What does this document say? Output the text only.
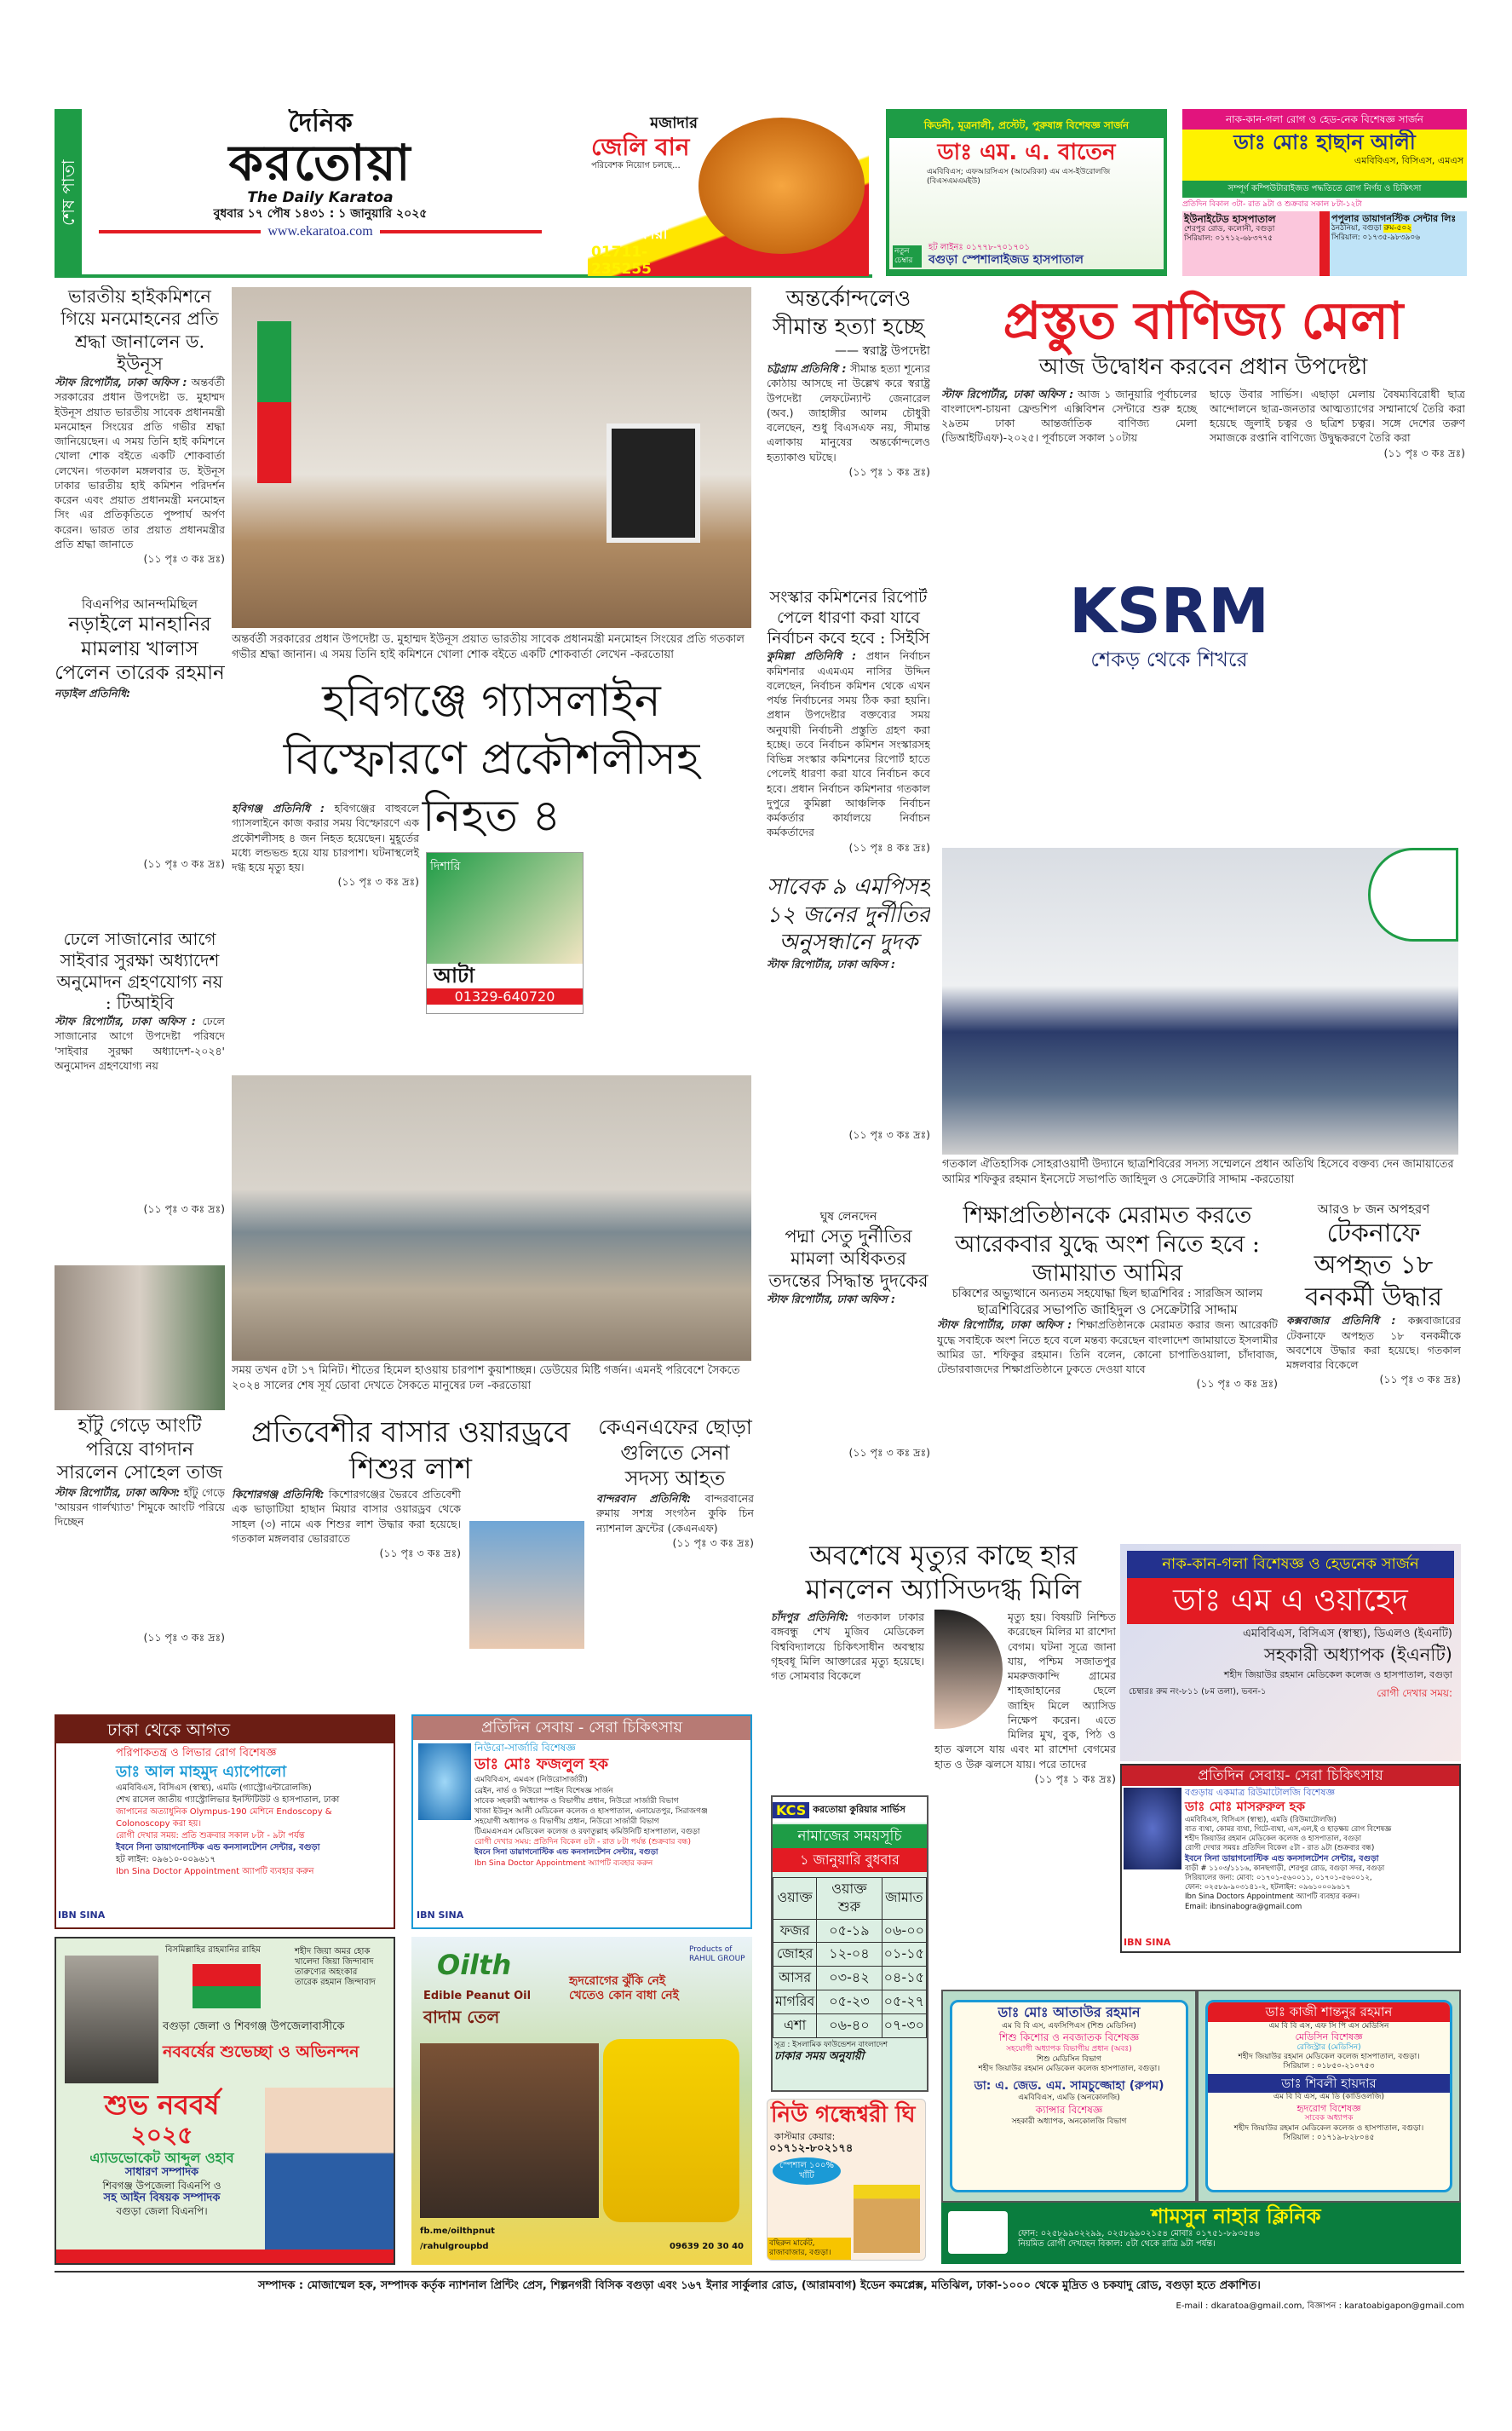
শেষ পাতা
দৈনিক
করতোয়া
The Daily Karatoa
বুধবার ১৭ পৌষ ১৪৩১ : ১ জানুয়ারি ২০২৫
www.ekaratoa.com
মজাদার
জেলি বান
পরিবেশক নিয়োগ চলছে...
ঢাকা বেকারী
01711-235255
কিডনী, মূত্রনালী, প্রস্টেট, পুরুষাঙ্গ বিশেষজ্ঞ সার্জন
ডাঃ এম. এ. বাতেন
এমবিবিএস; এফআরসিএস (আমেরিকা) এম এস-ইউরোলজি (বিএসএমএমইউ)
নতুন চেম্বার
হট লাইনঃ ০১৭৭৮-৭০১৭০১
বগুড়া স্পেশালাইজড হাসপাতাল
নাক-কান-গলা রোগ ও হেড-নেক বিশেষজ্ঞ সার্জন
ডাঃ মোঃ হাছান আলী
এমবিবিএস, বিসিএস, এমএস
সম্পূর্ণ কম্পিউটারাইজড পদ্ধতিতে রোগ নির্ণয় ও চিকিৎসা
প্রতিদিন বিকাল ৩টা- রাত ৯টা ও শুক্রবার সকাল ৮টা-১২টা
ইউনাইটেড হাসপাতাল
শেরপুর রোড, কলোনী, বগুড়া
সিরিয়াল: ০১৭১২-৬৮৩৭৭৫
পপুলার ডায়াগনস্টিক সেন্টার লিঃ
ঠনঠনিয়া, বগুড়া রুম-৫০২
সিরিয়াল: ০১৭৩৫-৯৮৩৯০৬
ভারতীয় হাইকমিশনে গিয়ে মনমোহনের প্রতি শ্রদ্ধা জানালেন ড. ইউনূস
স্টাফ রিপোর্টার, ঢাকা অফিস : অন্তর্বর্তী সরকারের প্রধান উপদেষ্টা ড. মুহাম্মদ ইউনূস প্রয়াত ভারতীয় সাবেক প্রধানমন্ত্রী মনমোহন সিংয়ের প্রতি গভীর শ্রদ্ধা জানিয়েছেন। এ সময় তিনি হাই কমিশনে খোলা শোক বইতে একটি শোকবার্তা লেখেন। গতকাল মঙ্গলবার ড. ইউনূস ঢাকার ভারতীয় হাই কমিশন পরিদর্শন করেন এবং প্রয়াত প্রধানমন্ত্রী মনমোহন সিং এর প্রতিকৃতিতে পুষ্পার্ঘ অর্পণ করেন। ভারত তার প্রয়াত প্রধানমন্ত্রীর প্রতি শ্রদ্ধা জানাতে
(১১ পৃঃ ৩ কঃ দ্রঃ)
বিএনপির আনন্দমিছিল
নড়াইলে মানহানির মামলায় খালাস পেলেন তারেক রহমান
নড়াইল প্রতিনিধি:
(১১ পৃঃ ৩ কঃ দ্রঃ)
ঢেলে সাজানোর আগে সাইবার সুরক্ষা অধ্যাদেশ অনুমোদন গ্রহণযোগ্য নয় : টিআইবি
স্টাফ রিপোর্টার, ঢাকা অফিস : ঢেলে সাজানোর আগে উপদেষ্টা পরিষদে 'সাইবার সুরক্ষা অধ্যাদেশ-২০২৪' অনুমোদন গ্রহণযোগ্য নয়
(১১ পৃঃ ৩ কঃ দ্রঃ)
হাঁটু গেড়ে আংটি পরিয়ে বাগদান সারলেন সোহেল তাজ
স্টাফ রিপোর্টার, ঢাকা অফিস: হাঁটু গেড়ে 'আয়রন গার্লখ্যাত' শিমুকে আংটি পরিয়ে দিচ্ছেন
(১১ পৃঃ ৩ কঃ দ্রঃ)
অন্তর্বর্তী সরকারের প্রধান উপদেষ্টা ড. মুহাম্মদ ইউনূস প্রয়াত ভারতীয় সাবেক প্রধানমন্ত্রী মনমোহন সিংয়ের প্রতি গতকাল গভীর শ্রদ্ধা জানান। এ সময় তিনি হাই কমিশনে খোলা শোক বইতে একটি শোকবার্তা লেখেন -করতোয়া
হবিগঞ্জে গ্যাসলাইন বিস্ফোরণে প্রকৌশলীসহ নিহত ৪
হবিগঞ্জ প্রতিনিধি : হবিগঞ্জের বাহুবলে গ্যাসলাইনে কাজ করার সময় বিস্ফোরণে এক প্রকৌশলীসহ ৪ জন নিহত হয়েছেন। মুহূর্তের মধ্যে লন্ডভন্ড হয়ে যায় চারপাশ। ঘটনাস্থলেই দগ্ধ হয়ে মৃত্যু হয়।
(১১ পৃঃ ৩ কঃ দ্রঃ)
দিশারি
আটা
01329-640720
সময় তখন ৫টা ১৭ মিনিট। শীতের হিমেল হাওয়ায় চারপাশ কুয়াশাচ্ছন্ন। ডেউয়ের মিষ্টি গর্জন। এমনই পরিবেশে সৈকতে ২০২৪ সালের শেষ সূর্য ডোবা দেখতে সৈকতে মানুষের ঢল -করতোয়া
প্রতিবেশীর বাসার ওয়ারড্রবে শিশুর লাশ
কিশোরগঞ্জ প্রতিনিধি: কিশোরগঞ্জের ভৈরবে প্রতিবেশী এক ভাড়াটিয়া হাছান মিয়ার বাসার ওয়ারড্রব থেকে সাহল (৩) নামে এক শিশুর লাশ উদ্ধার করা হয়েছে। গতকাল মঙ্গলবার ভোররাতে
(১১ পৃঃ ৩ কঃ দ্রঃ)
কেএনএফের ছোড়া গুলিতে সেনা সদস্য আহত
বান্দরবান প্রতিনিধি: বান্দরবানের রুমায় সশস্ত্র সংগঠন কুকি চিন ন্যাশনাল ফ্রন্টের (কেএনএফ)
(১১ পৃঃ ৩ কঃ দ্রঃ)
অন্তর্কোন্দলেও সীমান্ত হত্যা হচ্ছে
—— স্বরাষ্ট্র উপদেষ্টা
চট্টগ্রাম প্রতিনিধি : সীমান্ত হত্যা শূন্যের কোঠায় আসছে না উল্লেখ করে স্বরাষ্ট্র উপদেষ্টা লেফটেন্যান্ট জেনারেল (অব.) জাহাঙ্গীর আলম চৌধুরী বলেছেন, শুধু বিএসএফ নয়, সীমান্ত এলাকায় মানুষের অন্তর্কোন্দলেও হত্যাকাণ্ড ঘটছে।
(১১ পৃঃ ১ কঃ দ্রঃ)
সংস্কার কমিশনের রিপোর্ট পেলে ধারণা করা যাবে নির্বাচন কবে হবে : সিইসি
কুমিল্লা প্রতিনিধি : প্রধান নির্বাচন কমিশনার এএমএম নাসির উদ্দিন বলেছেন, নির্বাচন কমিশন থেকে এখন পর্যন্ত নির্বাচনের সময় ঠিক করা হয়নি। প্রধান উপদেষ্টার বক্তব্যের সময় অনুযায়ী নির্বাচনী প্রস্তুতি গ্রহণ করা হচ্ছে। তবে নির্বাচন কমিশন সংস্কারসহ বিভিন্ন সংস্কার কমিশনের রিপোর্ট হাতে পেলেই ধারণা করা যাবে নির্বাচন কবে হবে। প্রধান নির্বাচন কমিশনার গতকাল দুপুরে কুমিল্লা আঞ্চলিক নির্বাচন কর্মকর্তার কার্যালয়ে নির্বাচন কর্মকর্তাদের
(১১ পৃঃ ৪ কঃ দ্রঃ)
সাবেক ৯ এমপিসহ ১২ জনের দুর্নীতির অনুসন্ধানে দুদক
স্টাফ রিপোর্টার, ঢাকা অফিস :
(১১ পৃঃ ৩ কঃ দ্রঃ)
ঘুষ লেনদেন
পদ্মা সেতু দুর্নীতির মামলা অধিকতর তদন্তের সিদ্ধান্ত দুদকের
স্টাফ রিপোর্টার, ঢাকা অফিস :
(১১ পৃঃ ৩ কঃ দ্রঃ)
প্রস্তুত বাণিজ্য মেলা
আজ উদ্বোধন করবেন প্রধান উপদেষ্টা
স্টাফ রিপোর্টার, ঢাকা অফিস : আজ ১ জানুয়ারি পূর্বাচলের বাংলাদেশ-চায়না ফ্রেন্ডশিপ এক্সিবিশন সেন্টারে শুরু হচ্ছে ২৯তম ঢাকা আন্তর্জাতিক বাণিজ্য মেলা (ডিআইটিএফ)-২০২৫। পূর্বাচলে সকাল ১০টায়
ছাড়ে উবার সার্ভিস। এছাড়া মেলায় বৈষম্যবিরোধী ছাত্র আন্দোলনে ছাত্র-জনতার আত্মত্যাগের সম্মানার্থে তৈরি করা হয়েছে জুলাই চত্বর ও ছত্রিশ চত্বর। সঙ্গে দেশের তরুণ সমাজকে রপ্তানি বাণিজ্যে উদ্বুদ্ধকরণে তৈরি করা
(১১ পৃঃ ৩ কঃ দ্রঃ)
KSRM
শেকড় থেকে শিখরে
গতকাল ঐতিহাসিক সোহরাওয়ার্দী উদ্যানে ছাত্রশিবিরের সদস্য সম্মেলনে প্রধান অতিথি হিসেবে বক্তব্য দেন জামায়াতের আমির শফিকুর রহমান ইনসেটে সভাপতি জাহিদুল ও সেক্রেটারি সাদ্দাম -করতোয়া
শিক্ষাপ্রতিষ্ঠানকে মেরামত করতে আরেকবার যুদ্ধে অংশ নিতে হবে : জামায়াত আমির
চব্বিশের অভ্যুত্থানে অন্যতম সহযোদ্ধা ছিল ছাত্রশিবির : সারজিস আলম
ছাত্রশিবিরের সভাপতি জাহিদুল ও সেক্রেটারি সাদ্দাম
স্টাফ রিপোর্টার, ঢাকা অফিস : শিক্ষাপ্রতিষ্ঠানকে মেরামত করার জন্য আরেকটি যুদ্ধে সবাইকে অংশ নিতে হবে বলে মন্তব্য করেছেন বাংলাদেশ জামায়াতে ইসলামীর আমির ডা. শফিকুর রহমান। তিনি বলেন, কোনো চাপাতিওয়ালা, চাঁদাবাজ, টেন্ডারবাজদের শিক্ষাপ্রতিষ্ঠানে ঢুকতে দেওয়া যাবে
(১১ পৃঃ ৩ কঃ দ্রঃ)
আরও ৮ জন অপহরণ
টেকনাফে অপহৃত ১৮ বনকর্মী উদ্ধার
কক্সবাজার প্রতিনিধি : কক্সবাজারের টেকনাফে অপহৃত ১৮ বনকর্মীকে অবশেষে উদ্ধার করা হয়েছে। গতকাল মঙ্গলবার বিকেলে
(১১ পৃঃ ৩ কঃ দ্রঃ)
অবশেষে মৃত্যুর কাছে হার মানলেন অ্যাসিডদগ্ধ মিলি
চাঁদপুর প্রতিনিধি: গতকাল ঢাকার বঙ্গবন্ধু শেখ মুজিব মেডিকেল বিশ্ববিদ্যালয়ে চিকিৎসাধীন অবস্থায় গৃহবধূ মিলি আক্তারের মৃত্যু হয়েছে। গত সোমবার বিকেলে
মৃত্যু হয়। বিষয়টি নিশ্চিত করেছেন মিলির মা রাশেদা বেগম। ঘটনা সূত্রে জানা যায়, পশ্চিম সজাতপুর মমরুজকান্দি গ্রামের শাহজাহানের ছেলে জাহিদ মিলে অ্যাসিড নিক্ষেপ করেন। এতে মিলির মুখ, বুক, পিঠ ও হাত ঝলসে যায় এবং মা রাশেদা বেগমের হাত ও উরু ঝলসে যায়। পরে তাদের
(১১ পৃঃ ১ কঃ দ্রঃ)
নাক-কান-গলা বিশেষজ্ঞ ও হেডনেক সার্জন
ডাঃ এম এ ওয়াহেদ
এমবিবিএস, বিসিএস (স্বাস্থ্য), ডিএলও (ইএনটি)
সহকারী অধ্যাপক (ইএনটি)
শহীদ জিয়াউর রহমান মেডিকেল কলেজ ও হাসপাতাল, বগুড়া
চেম্বারঃ রুম নং-৮১১ (৮ম তলা), ভবন-১	রোগী দেখার সময়:
ঢাকা থেকে আগত
পরিপাকতন্ত্র ও লিভার রোগ বিশেষজ্ঞ
ডাঃ আল মাহমুদ এ্যাপোলো
এমবিবিএস, বিসিএস (স্বাস্থ্য), এমডি (গ্যাস্ট্রোএন্টারোলজি)
শেখ রাসেল জাতীয় গ্যাস্ট্রোলিভার ইনস্টিটিউট ও হাসপাতাল, ঢাকা
জাপানের অত্যাধুনিক Olympus-190 মেশিনে Endoscopy & Colonoscopy করা হয়।
রোগী দেখার সময়: প্রতি শুক্রবার সকাল ৮টা - ৯টা পর্যন্ত
ইবনে সিনা ডায়াগনোস্টিক এন্ড কনসালটেশন সেন্টার, বগুড়া
হট লাইন: ০৯৬১০-০০৯৬১৭
Ibn Sina Doctor Appointment অ্যাপটি ব্যবহার করুন
IBN SINA
প্রতিদিন সেবায় - সেরা চিকিৎসায়
নিউরো-সার্জারি বিশেষজ্ঞ
ডাঃ মোঃ ফজলুল হক
এমবিবিএস, এমএস (নিউরোসার্জারী)
ব্রেইন, নার্ভ ও নিউরো স্পাইন বিশেষজ্ঞ সার্জন
সাবেক সহকারী অধ্যাপক ও বিভাগীয় প্রধান, নিউরো সার্জারী বিভাগ
খাজা ইউনুস আলী মেডিকেল কলেজ ও হাসপাতাল, এনায়েতপুর, সিরাজগঞ্জ
সহযোগী অধ্যাপক ও বিভাগীয় প্রধান, নিউরো সার্জারী বিভাগ
টিএমএসএস মেডিকেল কলেজ ও রফাতুল্লাহ কমিউনিটি হাসপাতাল, বগুড়া
রোগী দেখার সময়: প্রতিদিন বিকেল ৪টা - রাত ৮টা পর্যন্ত (শুক্রবার বন্ধ)
ইবনে সিনা ডায়াগনোস্টিক এন্ড কনসালটেশন সেন্টার, বগুড়া
Ibn Sina Doctor Appointment অ্যাপটি ব্যবহার করুন
IBN SINA
KCS করতোয়া কুরিয়ার সার্ভিস
নামাজের সময়সূচি
১ জানুয়ারি বুধবার
ওয়াক্ত	ওয়াক্ত শুরু	জামাত
ফজর	০৫-১৯	০৬-০০
জোহর	১২-০৪	০১-১৫
আসর	০৩-৪২	০৪-১৫
মাগরিব	০৫-২৩	০৫-২৭
এশা	০৬-৪০	০৭-৩০
সূত্র : ইসলামিক ফাউন্ডেশন বাংলাদেশ
ঢাকার সময় অনুযায়ী
নিউ গন্ধেশ্বরী ঘি
কাস্টমার কেয়ার:
০১৭১২-৮০২১৭৪
স্পেশাল ১০০% খাঁটি
বছিরুন মার্কেট, রাজাবাজার, বগুড়া।
প্রতিদিন সেবায়- সেরা চিকিৎসায়
বগুড়ায় একমাত্র রিউমাটোলজি বিশেষজ্ঞ
ডাঃ মোঃ মাসরুরুল হক
এমবিবিএস, বিসিএস (স্বাস্থ্য), এমডি (রিউমাটোলজি)
বাত ব্যথা, কোমর ব্যথা, গিটে-ব্যথা, এস,এল,ই ও হাড়ক্ষয় রোগ বিশেষজ্ঞ
শহীদ জিয়াউর রহমান মেডিকেল কলেজ ও হাসপাতাল, বগুড়া
রোগী দেখার সময়ঃ প্রতিদিন বিকেল ৫টা - রাত ৯টা (শুক্রবার বন্ধ)
ইবনে সিনা ডায়াগনোস্টিক এন্ড কনসালটেশন সেন্টার, বগুড়া
বাড়ী # ১১০৩/১১১৬, কানছগাড়ী, শেরপুর রোড, বগুড়া সদর, বগুড়া
সিরিয়ালের জন্য: মোবা: ০১৭০১-৫৬০০১১, ০১৭০১-৫৬০০১২,
ফোন: ০২৫৮৯-৯০৩১৪১-২, হটলাইন: ০৯৬১০০০৯৬১৭
Ibn Sina Doctors Appointment অ্যাপটি ব্যবহার করুন।
Email: ibnsinabogra@gmail.com
IBN SINA
ডাঃ মোঃ আতাউর রহমান
এম বি বি এস, এফসিপিএস (শিশু মেডিসিন)
শিশু কিশোর ও নবজাতক বিশেষজ্ঞ
সহযোগী অধ্যাপক বিভাগীয় প্রধান (অবঃ)
শিশু মেডিসিন বিভাগ
শহীদ জিয়াউর রহমান মেডিকেল কলেজ হাসপাতাল, বগুড়া।
ডা: এ. জেড. এম. সামচুজ্জোহা (রুপম)
এমবিবিএস, এমডি (অনকোলজি)
ক্যান্সার বিশেষজ্ঞ
সহকারী অধ্যাপক, অনকোলজি বিভাগ
ডাঃ কাজী শান্তনুর রহমান
এম বি বি এস, এফ সি পি এস মেডিসিন
মেডিসিন বিশেষজ্ঞ
রেজিস্ট্রার (মেডিসিন)
শহীদ জিয়াউর রহমান মেডিকেল কলেজ হাসপাতাল, বগুড়া।
সিরিয়াল : ০১৮৫০-২১০৭৫৩
ডাঃ শিবলী হায়দার
এম বি বি এস, এম ডি (কার্ডিওলজি)
হৃদরোগ বিশেষজ্ঞ
সাবেক অধ্যাপক
শহীদ জিয়াউর রহমান মেডিকেল কলেজ ও হাসপাতাল, বগুড়া।
সিরিয়াল : ০১৭১৯-৮২৮০৪৫
শামসুন নাহার ক্লিনিক
ফোন: ০২৫৮৯৯০২২৯৯, ০২৫৮৯৯০২১৫৪ মোবাঃ ০১৭৫১-৮৯৩৫৪৬
নিয়মিত রোগী দেখছেন বিকাল: ৫টা থেকে রাত্রি ৯টা পর্যন্ত।
বিসমিল্লাহির রাহমানির রাহিম	শহীদ জিয়া অমর হোক
খালেদা জিয়া জিন্দাবাদ
তারুণ্যের অহংকার
তারেক রহমান জিন্দাবাদ
বগুড়া জেলা ও শিবগঞ্জ উপজেলাবাসীকে
নববর্ষের শুভেচ্ছা ও অভিনন্দন
শুভ নববর্ষ
২০২৫
এ্যাডভোকেট আব্দুল ওহাব
সাধারণ সম্পাদক
শিবগঞ্জ উপজেলা বিএনপি ও
সহ আইন বিষয়ক সম্পাদক
বগুড়া জেলা বিএনপি।
Oilth
Edible Peanut Oil
বাদাম তেল
Products of RAHUL GROUP
হৃদরোগের ঝুঁকি নেই খেতেও কোন বাধা নেই
fb.me/oilthpnut
/rahulgroupbd	09639 20 30 40
সম্পাদক : মোজাম্মেল হক, সম্পাদক কর্তৃক ন্যাশনাল প্রিন্টিং প্রেস, শিল্পনগরী বিসিক বগুড়া এবং ১৬৭ ইনার সার্কুলার রোড, (আরামবাগ) ইডেন কমপ্লেক্স, মতিঝিল, ঢাকা-১০০০ থেকে মুদ্রিত ও চকযাদু রোড, বগুড়া হতে প্রকাশিত।
E-mail : dkaratoa@gmail.com, বিজ্ঞাপন : karatoabigapon@gmail.com
